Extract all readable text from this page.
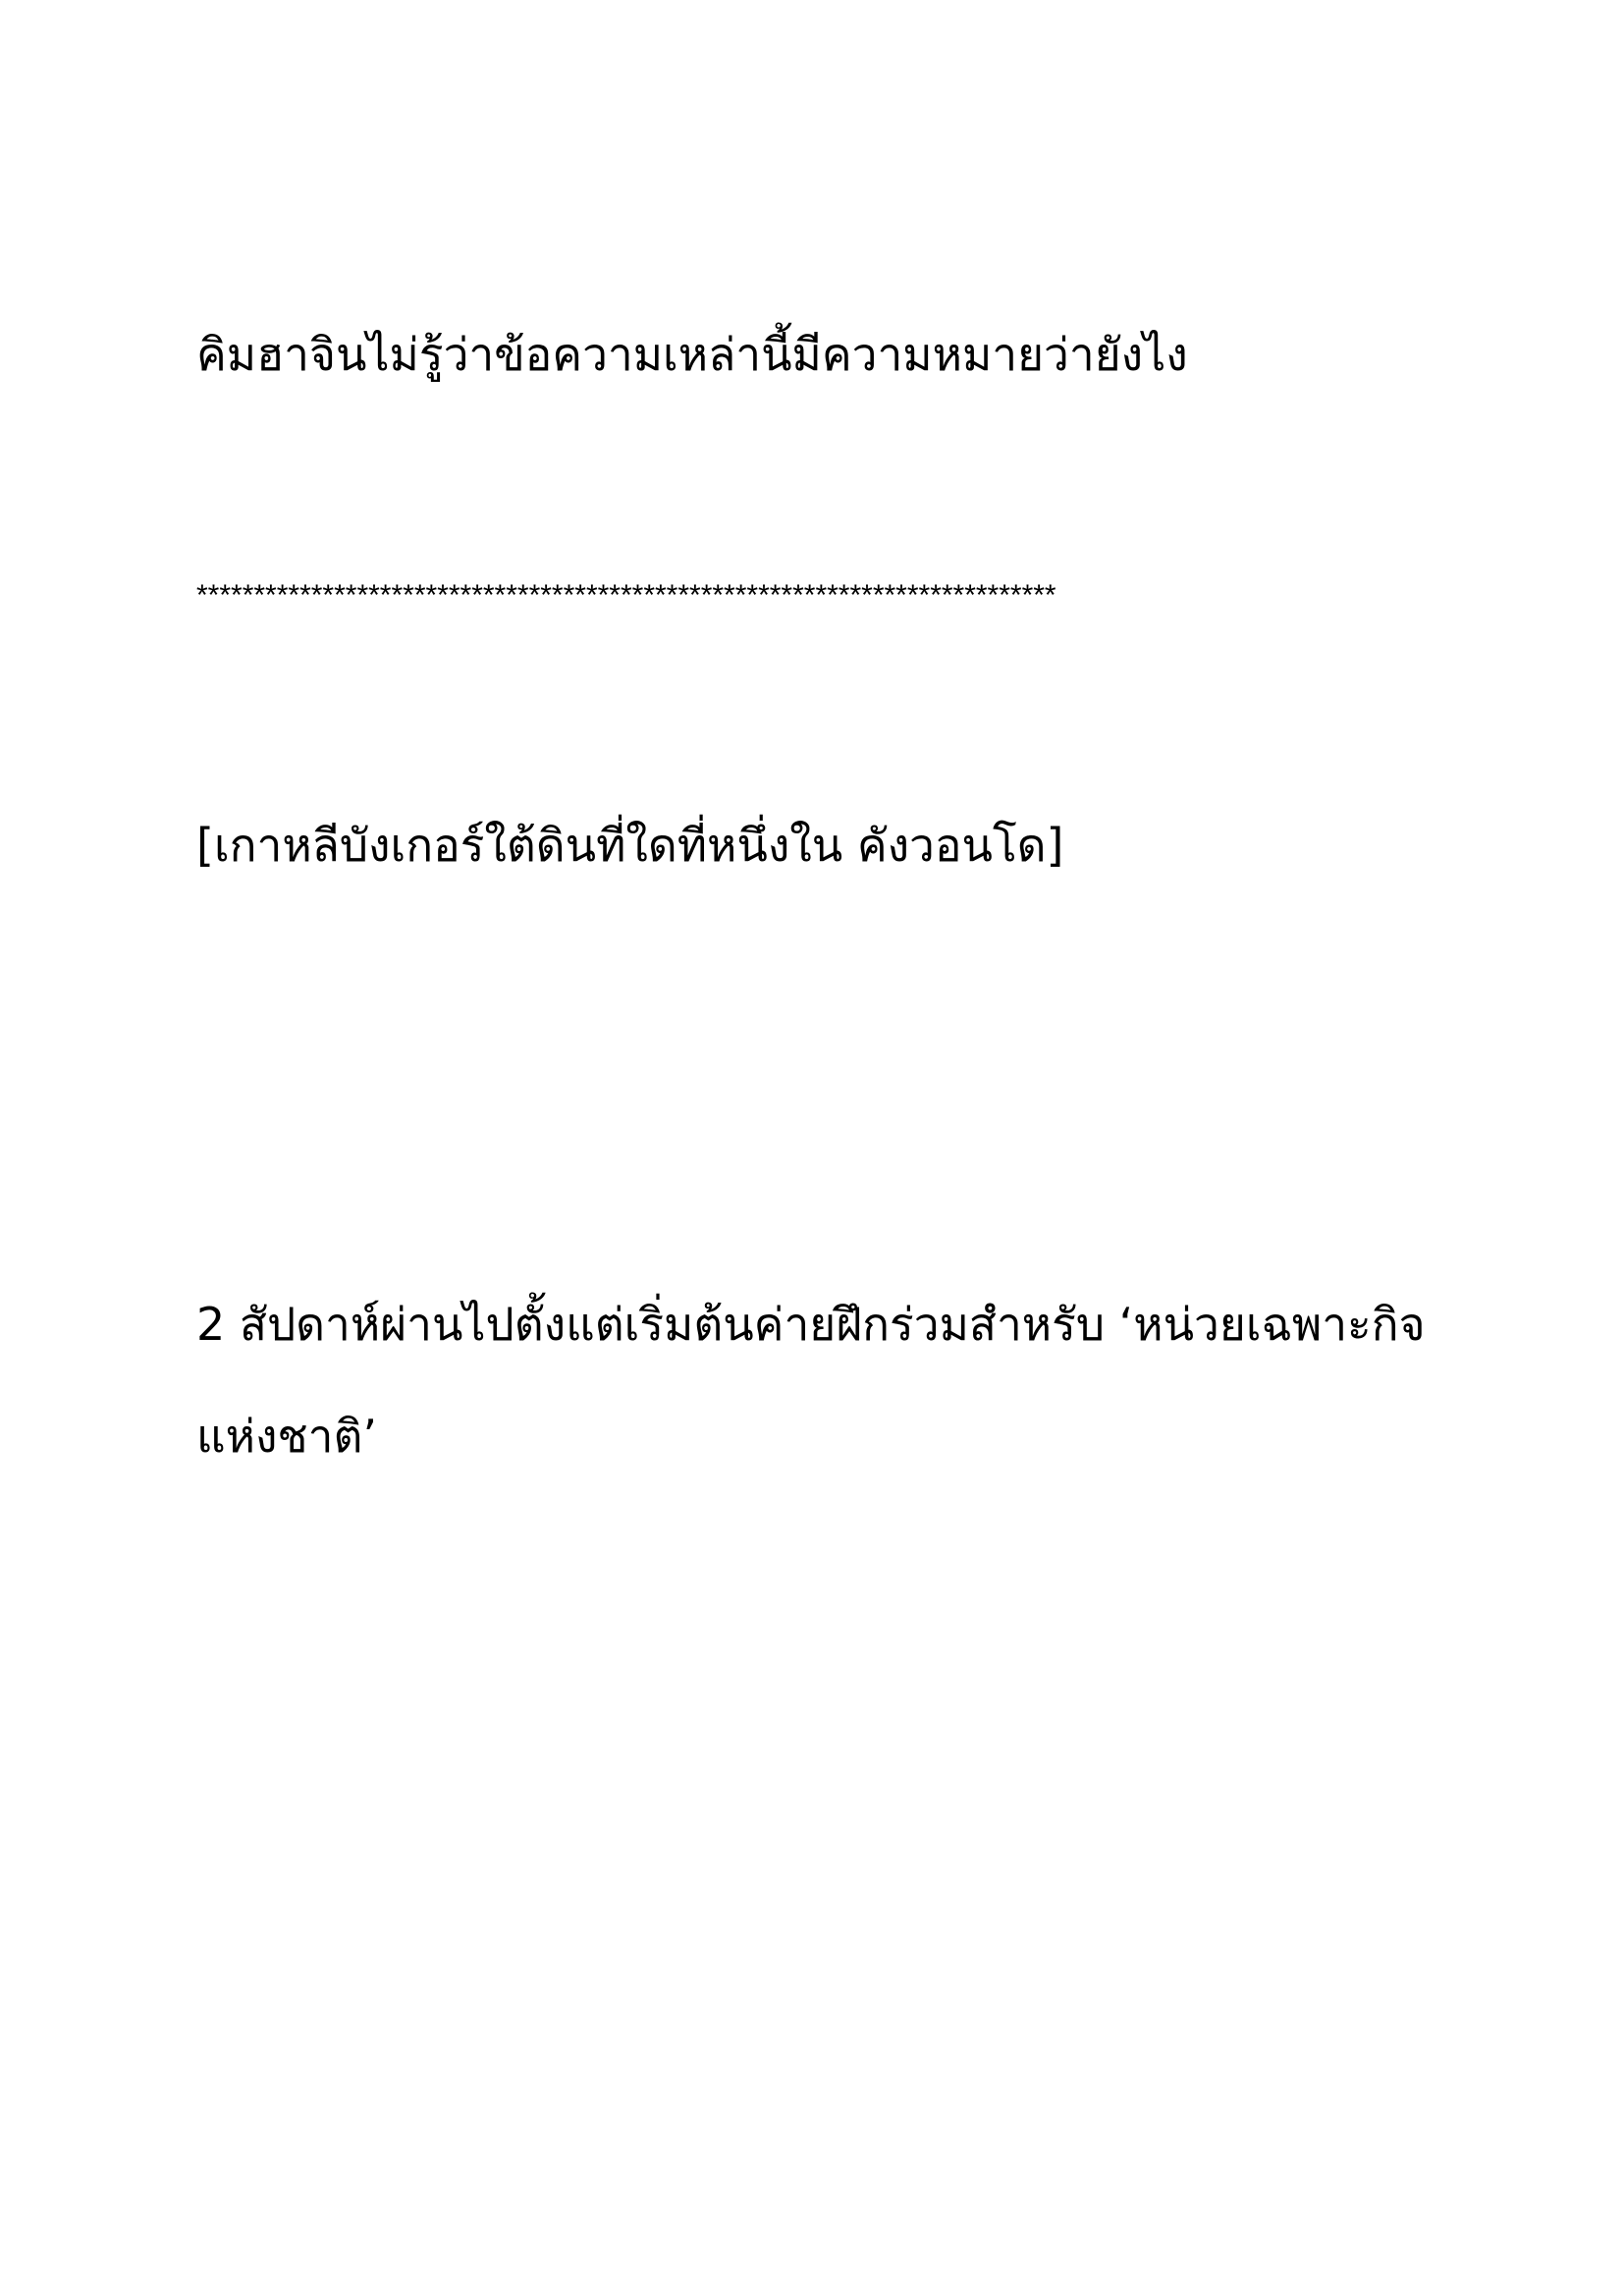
คิมฮาจินไม่รู้ว่าข้อความเหล่านี้มีความหมายว่ายังไง
***************************************************************************
[เกาหลีบังเกอร์ใต้ดินที่ใดที่หนึ่งใน คังวอนโด]
2 สัปดาห์ผ่านไปตั้งแต่เริ่มต้นค่ายฝึกร่วมสำหรับ ‘หน่วยเฉพาะกิจ
แห่งชาติ’
